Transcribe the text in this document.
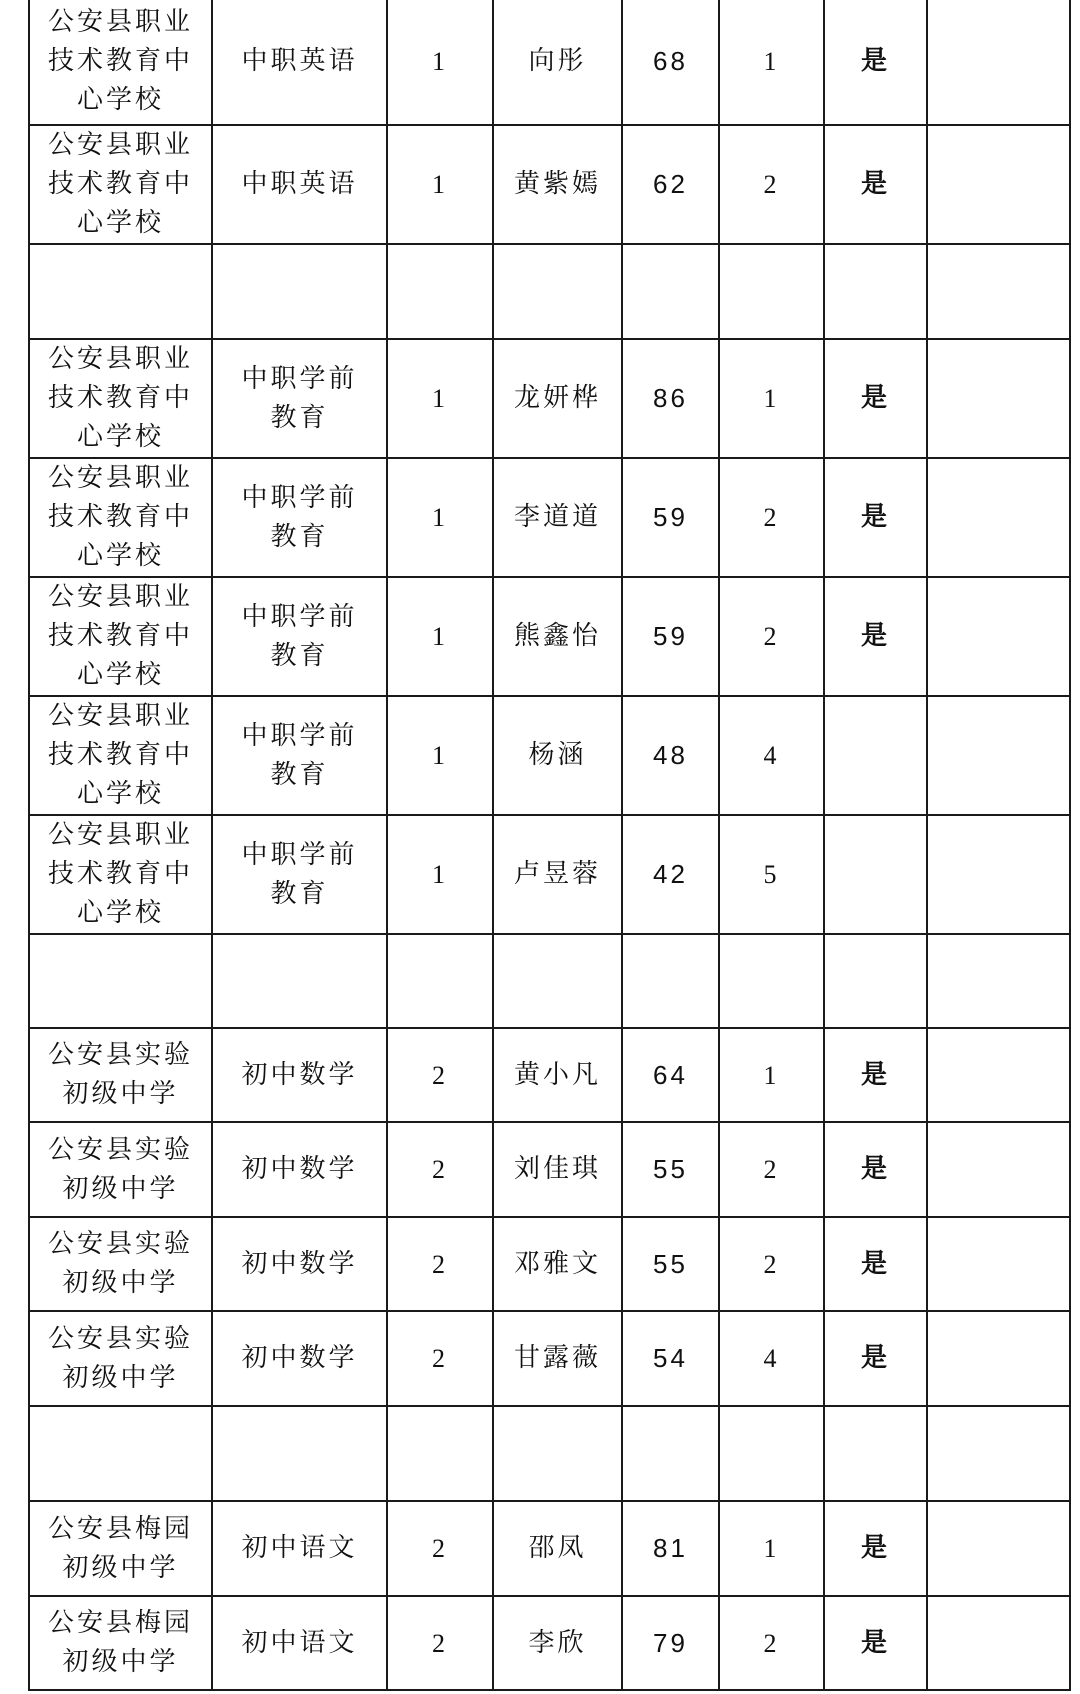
公安县职业技术教育中心学校	中职英语	1	向彤	68	1	是	

公安县职业技术教育中心学校	中职英语	1	黄紫嫣	62	2	是	

公安县职业技术教育中心学校	中职学前教育	1	龙妍桦	86	1	是	

公安县职业技术教育中心学校	中职学前教育	1	李道道	59	2	是	

公安县职业技术教育中心学校	中职学前教育	1	熊鑫怡	59	2	是	

公安县职业技术教育中心学校	中职学前教育	1	杨涵	48	4		

公安县职业技术教育中心学校	中职学前教育	1	卢昱蓉	42	5		

公安县实验初级中学	初中数学	2	黄小凡	64	1	是	

公安县实验初级中学	初中数学	2	刘佳琪	55	2	是	

公安县实验初级中学	初中数学	2	邓雅文	55	2	是	

公安县实验初级中学	初中数学	2	甘露薇	54	4	是	

公安县梅园初级中学	初中语文	2	邵凤	81	1	是	

公安县梅园初级中学	初中语文	2	李欣	79	2	是	
